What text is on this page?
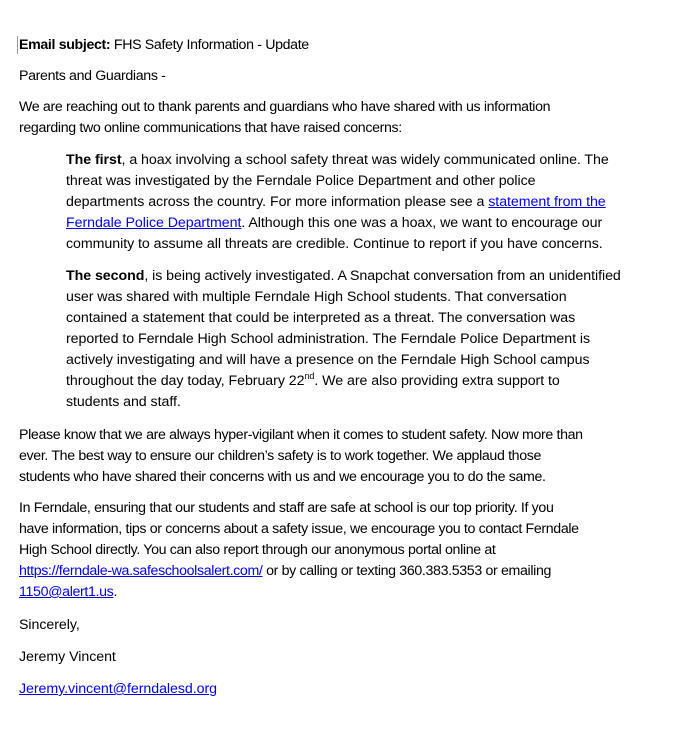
Email subject: FHS Safety Information - Update
Parents and Guardians -
We are reaching out to thank parents and guardians who have shared with us information
regarding two online communications that have raised concerns:
The first, a hoax involving a school safety threat was widely communicated online. The
threat was investigated by the Ferndale Police Department and other police
departments across the country. For more information please see a statement from the
Ferndale Police Department. Although this one was a hoax, we want to encourage our
community to assume all threats are credible. Continue to report if you have concerns.
The second, is being actively investigated. A Snapchat conversation from an unidentified
user was shared with multiple Ferndale High School students. That conversation
contained a statement that could be interpreted as a threat. The conversation was
reported to Ferndale High School administration. The Ferndale Police Department is
actively investigating and will have a presence on the Ferndale High School campus
throughout the day today, February 22nd. We are also providing extra support to
students and staff.
Please know that we are always hyper-vigilant when it comes to student safety. Now more than
ever. The best way to ensure our children’s safety is to work together. We applaud those
students who have shared their concerns with us and we encourage you to do the same.
In Ferndale, ensuring that our students and staff are safe at school is our top priority. If you
have information, tips or concerns about a safety issue, we encourage you to contact Ferndale
High School directly. You can also report through our anonymous portal online at
https://ferndale-wa.safeschoolsalert.com/ or by calling or texting 360.383.5353 or emailing
1150@alert1.us.
Sincerely,
Jeremy Vincent
Jeremy.vincent@ferndalesd.org
